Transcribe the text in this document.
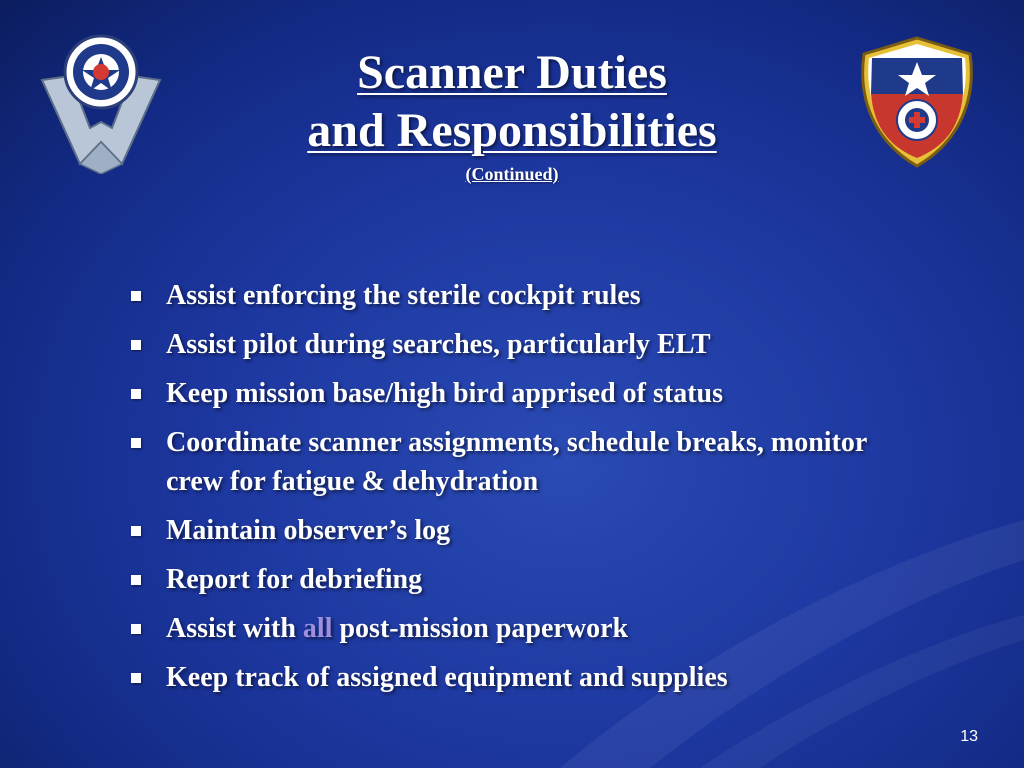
Scanner Duties
and Responsibilities
(Continued)
Assist enforcing the sterile cockpit rules
Assist pilot during searches, particularly ELT
Keep mission base/high bird apprised of status
Coordinate scanner assignments, schedule breaks, monitor crew for fatigue & dehydration
Maintain observer’s log
Report for debriefing
Assist with all post-mission paperwork
Keep track of assigned equipment and supplies
13
